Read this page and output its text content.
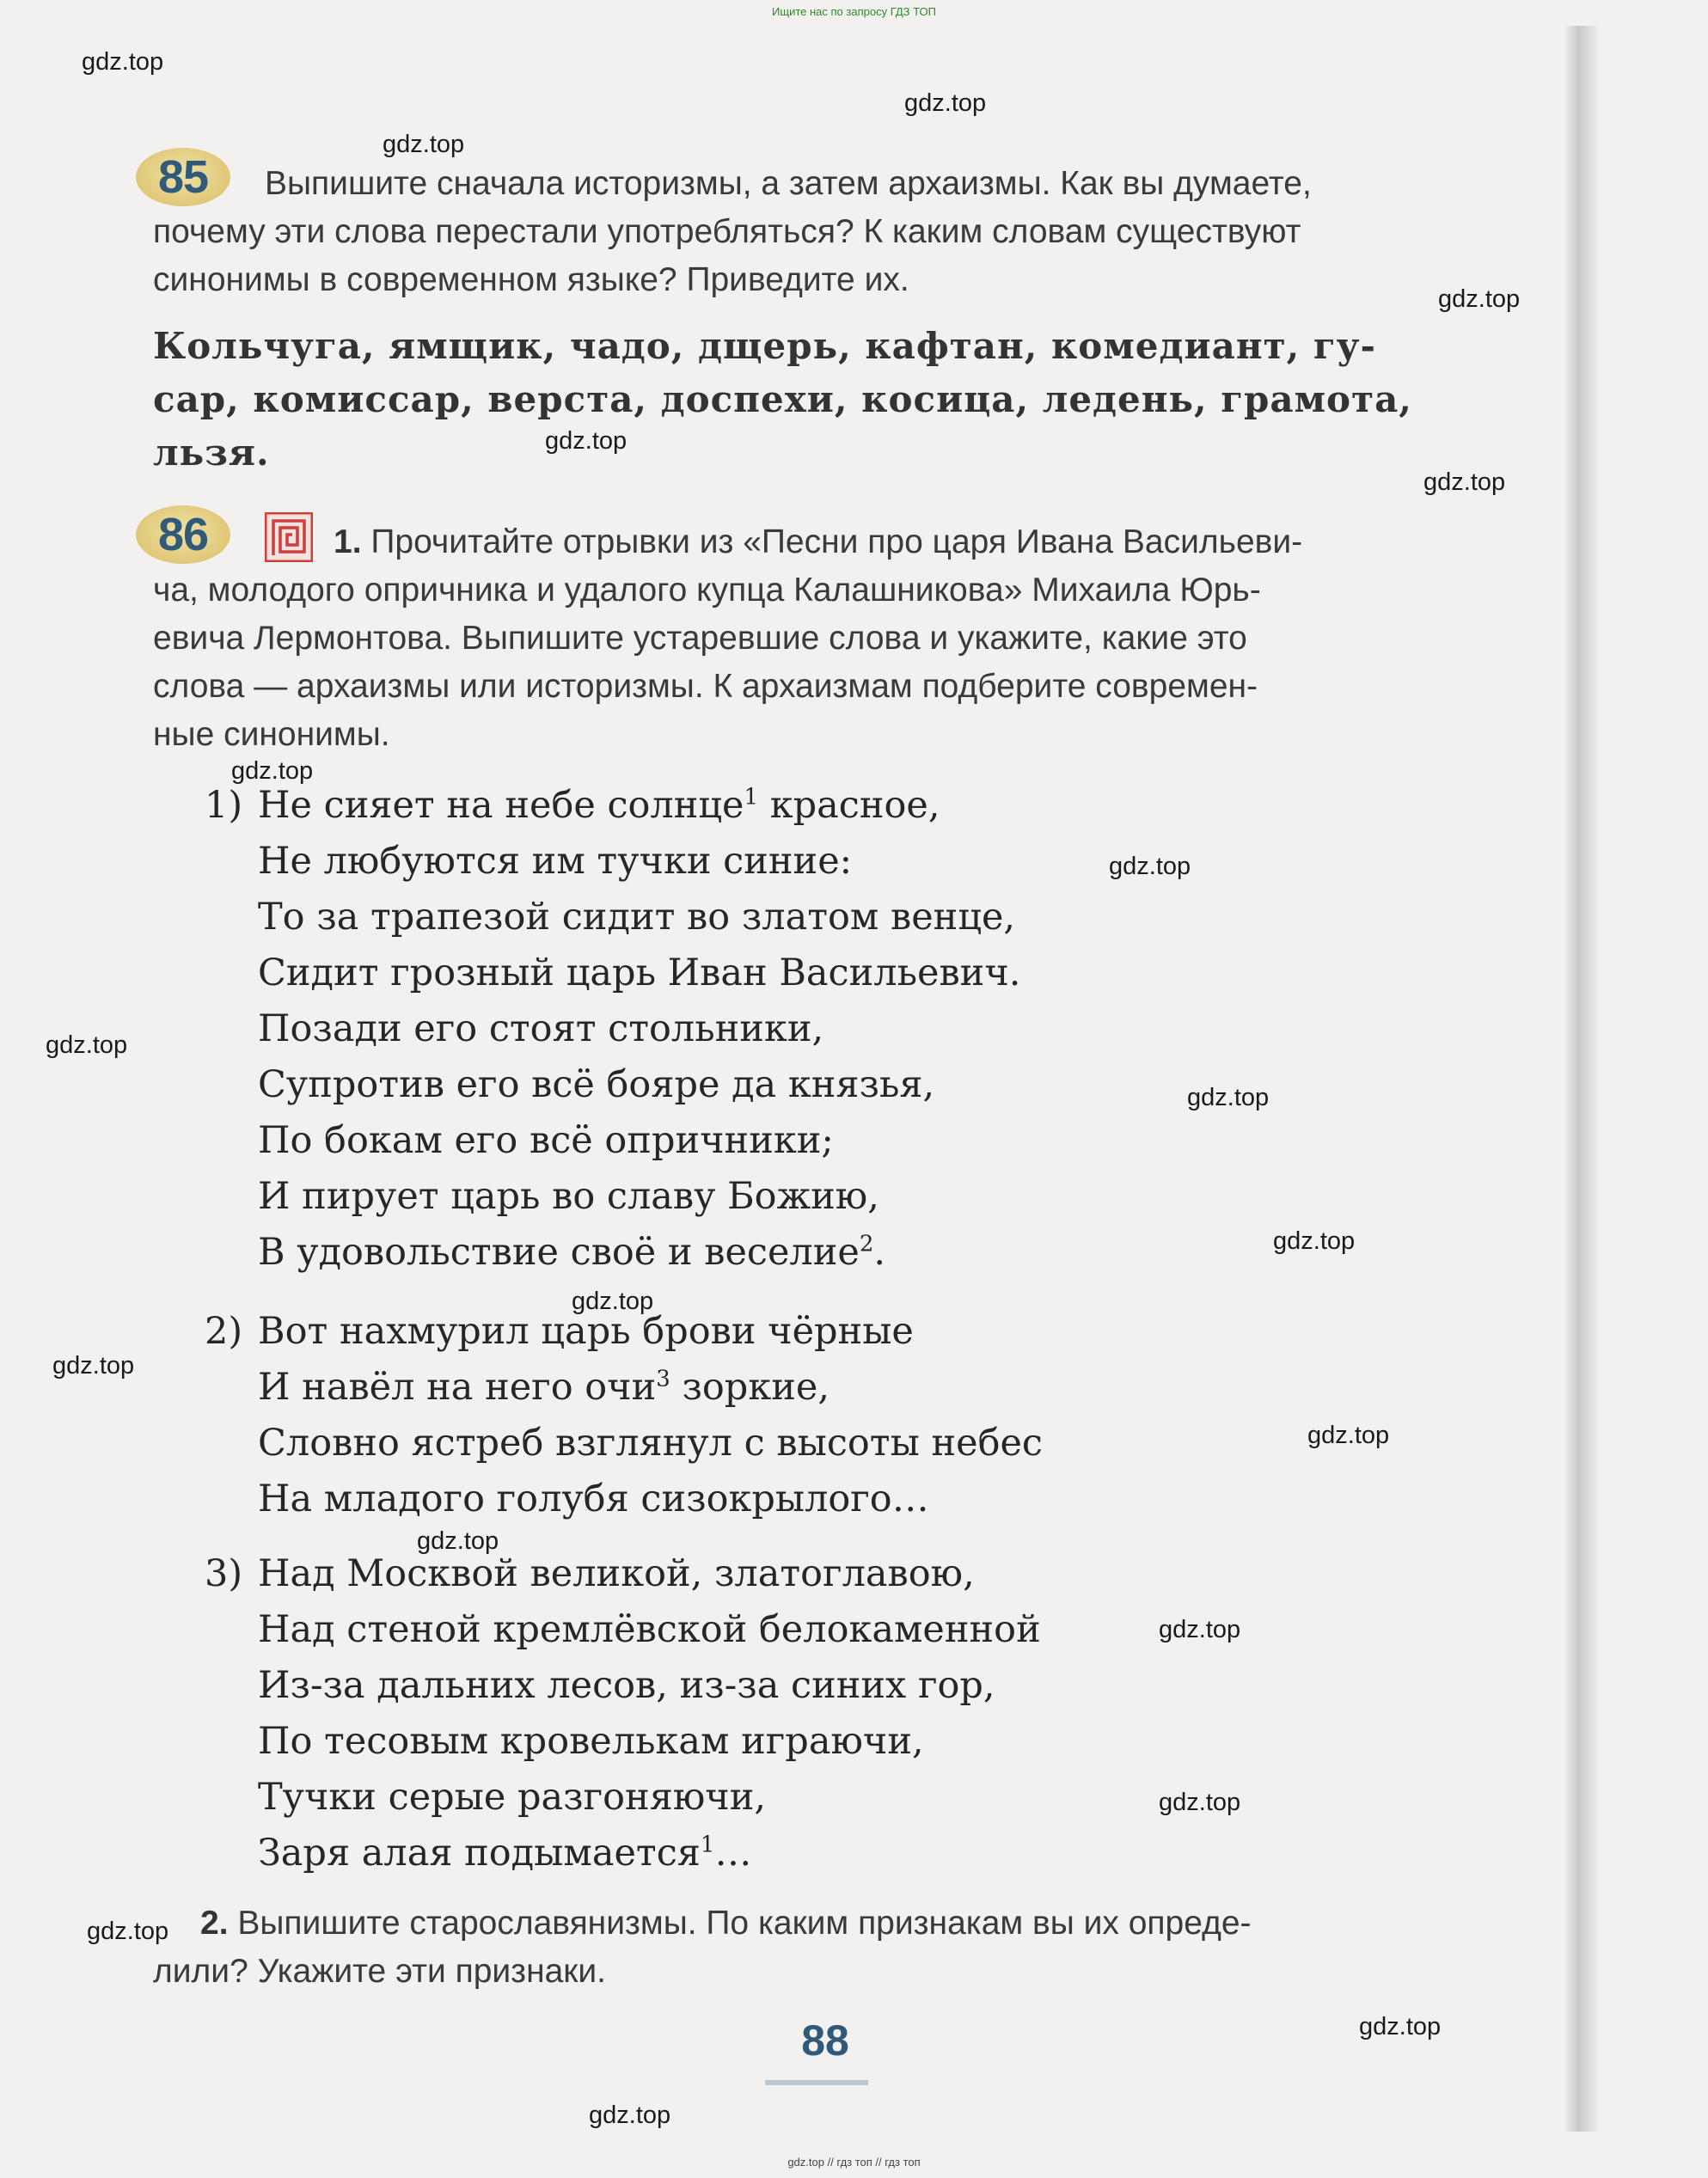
Ищите нас по запросу ГДЗ ТОП
gdz.top
gdz.top
gdz.top
gdz.top
gdz.top
gdz.top
gdz.top
gdz.top
gdz.top
gdz.top
gdz.top
gdz.top
gdz.top
gdz.top
gdz.top
gdz.top
gdz.top
gdz.top
gdz.top
gdz.top
85	Выпишите сначала историзмы, а затем архаизмы. Как вы думаете,
почему эти слова перестали употребляться? К каким словам существуют
синонимы в современном языке? Приведите их.
Кольчуга, ямщик, чадо, дщерь, кафтан, комедиант, гу-
сар, комиссар, верста, доспехи, косица, ледень, грамота,
льзя.
86	1. Прочитайте отрывки из «Песни про царя Ивана Васильеви-
ча, молодого опричника и удалого купца Калашникова» Михаила Юрь-
евича Лермонтова. Выпишите устаревшие слова и укажите, какие это
слова — архаизмы или историзмы. К архаизмам подберите современ-
ные синонимы.
1) Не сияет на небе солнце$^1$ красное,
Не любуются им тучки синие:
То за трапезой сидит во златом венце,
Сидит грозный царь Иван Васильевич.
Позади его стоят стольники,
Супротив его всё бояре да князья,
По бокам его всё опричники;
И пирует царь во славу Божию,
В удовольствие своё и веселие$^2$.
2) Вот нахмурил царь брови чёрные
И навёл на него очи$^3$ зоркие,
Словно ястреб взглянул с высоты небес
На младого голубя сизокрылого…
3) Над Москвой великой, златоглавою,
Над стеной кремлёвской белокаменной
Из-за дальних лесов, из-за синих гор,
По тесовым кровелькам играючи,
Тучки серые разгоняючи,
Заря алая подымается$^1$…
2. Выпишите старославянизмы. По каким признакам вы их опреде-
лили? Укажите эти признаки.
88
gdz.top // гдз топ // гдз топ
